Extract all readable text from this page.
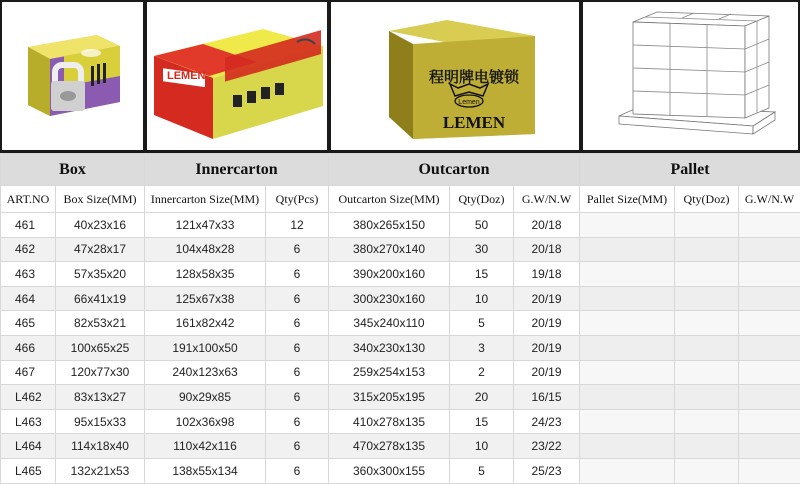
LEMEN	程明牌电镀锁
Lemen
LEMEN
Box		Innercarton		Outcarton			Pallet		
ART.NO	Box Size(MM)	Innercarton Size(MM)	Qty(Pcs)	Outcarton Size(MM)	Qty(Doz)	G.W/N.W	Pallet Size(MM)	Qty(Doz)	G.W/N.W
461	40x23x16	121x47x33	12	380x265x150	50	20/18			
462	47x28x17	104x48x28	6	380x270x140	30	20/18			
463	57x35x20	128x58x35	6	390x200x160	15	19/18			
464	66x41x19	125x67x38	6	300x230x160	10	20/19			
465	82x53x21	161x82x42	6	345x240x110	5	20/19			
466	100x65x25	191x100x50	6	340x230x130	3	20/19			
467	120x77x30	240x123x63	6	259x254x153	2	20/19			
L462	83x13x27	90x29x85	6	315x205x195	20	16/15			
L463	95x15x33	102x36x98	6	410x278x135	15	24/23			
L464	114x18x40	110x42x116	6	470x278x135	10	23/22			
L465	132x21x53	138x55x134	6	360x300x155	5	25/23			
